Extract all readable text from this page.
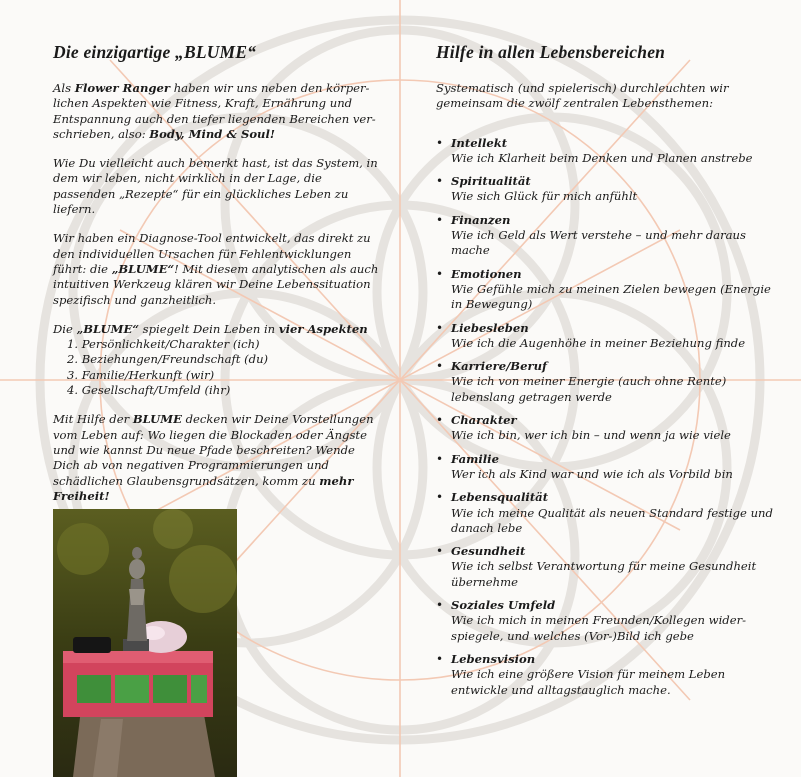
Die einzigartige „BLUME“

Als Flower Ranger haben wir uns neben den körperlichen Aspekten wie Fitness, Kraft, Ernährung und Entspannung auch den tiefer liegenden Bereichen verschrieben, also: Body, Mind & Soul!

Wie Du vielleicht auch bemerkt hast, ist das System, in dem wir leben, nicht wirklich in der Lage, die passenden „Rezepte“ für ein glückliches Leben zu liefern.

Wir haben ein Diagnose-Tool entwickelt, das direkt zu den individuellen Ursachen für Fehlentwicklungen führt: die „BLUME“! Mit diesem analytischen als auch intuitiven Werkzeug klären wir Deine Lebenssituation spezifisch und ganzheitlich.

Die „BLUME“ spiegelt Dein Leben in vier Aspekten

1. Persönlichkeit/Charakter (ich)
2. Beziehungen/Freundschaft (du)
3. Familie/Herkunft (wir)
4. Gesellschaft/Umfeld (ihr)

Mit Hilfe der BLUME decken wir Deine Vorstellungen vom Leben auf: Wo liegen die Blockaden oder Ängste und wie kannst Du neue Pfade beschreiten? Wende Dich ab von negativen Programmierungen und schädlichen Glaubensgrundsätzen, komm zu mehr Freiheit!

Hilfe in allen Lebensbereichen

Systematisch (und spielerisch) durchleuchten wir gemeinsam die zwölf zentralen Lebensthemen:

• Intellekt
Wie ich Klarheit beim Denken und Planen anstrebe
• Spiritualität
Wie sich Glück für mich anfühlt
• Finanzen
Wie ich Geld als Wert verstehe – und mehr daraus mache
• Emotionen
Wie Gefühle mich zu meinen Zielen bewegen (Energie in Bewegung)
• Liebesleben
Wie ich die Augenhöhe in meiner Beziehung finde
• Karriere/Beruf
Wie ich von meiner Energie (auch ohne Rente) lebenslang getragen werde
• Charakter
Wie ich bin, wer ich bin – und wenn ja wie viele
• Familie
Wer ich als Kind war und wie ich als Vorbild bin
• Lebensqualität
Wie ich meine Qualität als neuen Standard festige und danach lebe
• Gesundheit
Wie ich selbst Verantwortung für meine Gesundheit übernehme
• Soziales Umfeld
Wie ich mich in meinen Freunden/Kollegen widerspiegele, und welches (Vor-)Bild ich gebe
• Lebensvision
Wie ich eine größere Vision für meinem Leben entwickle und alltagstauglich mache.
